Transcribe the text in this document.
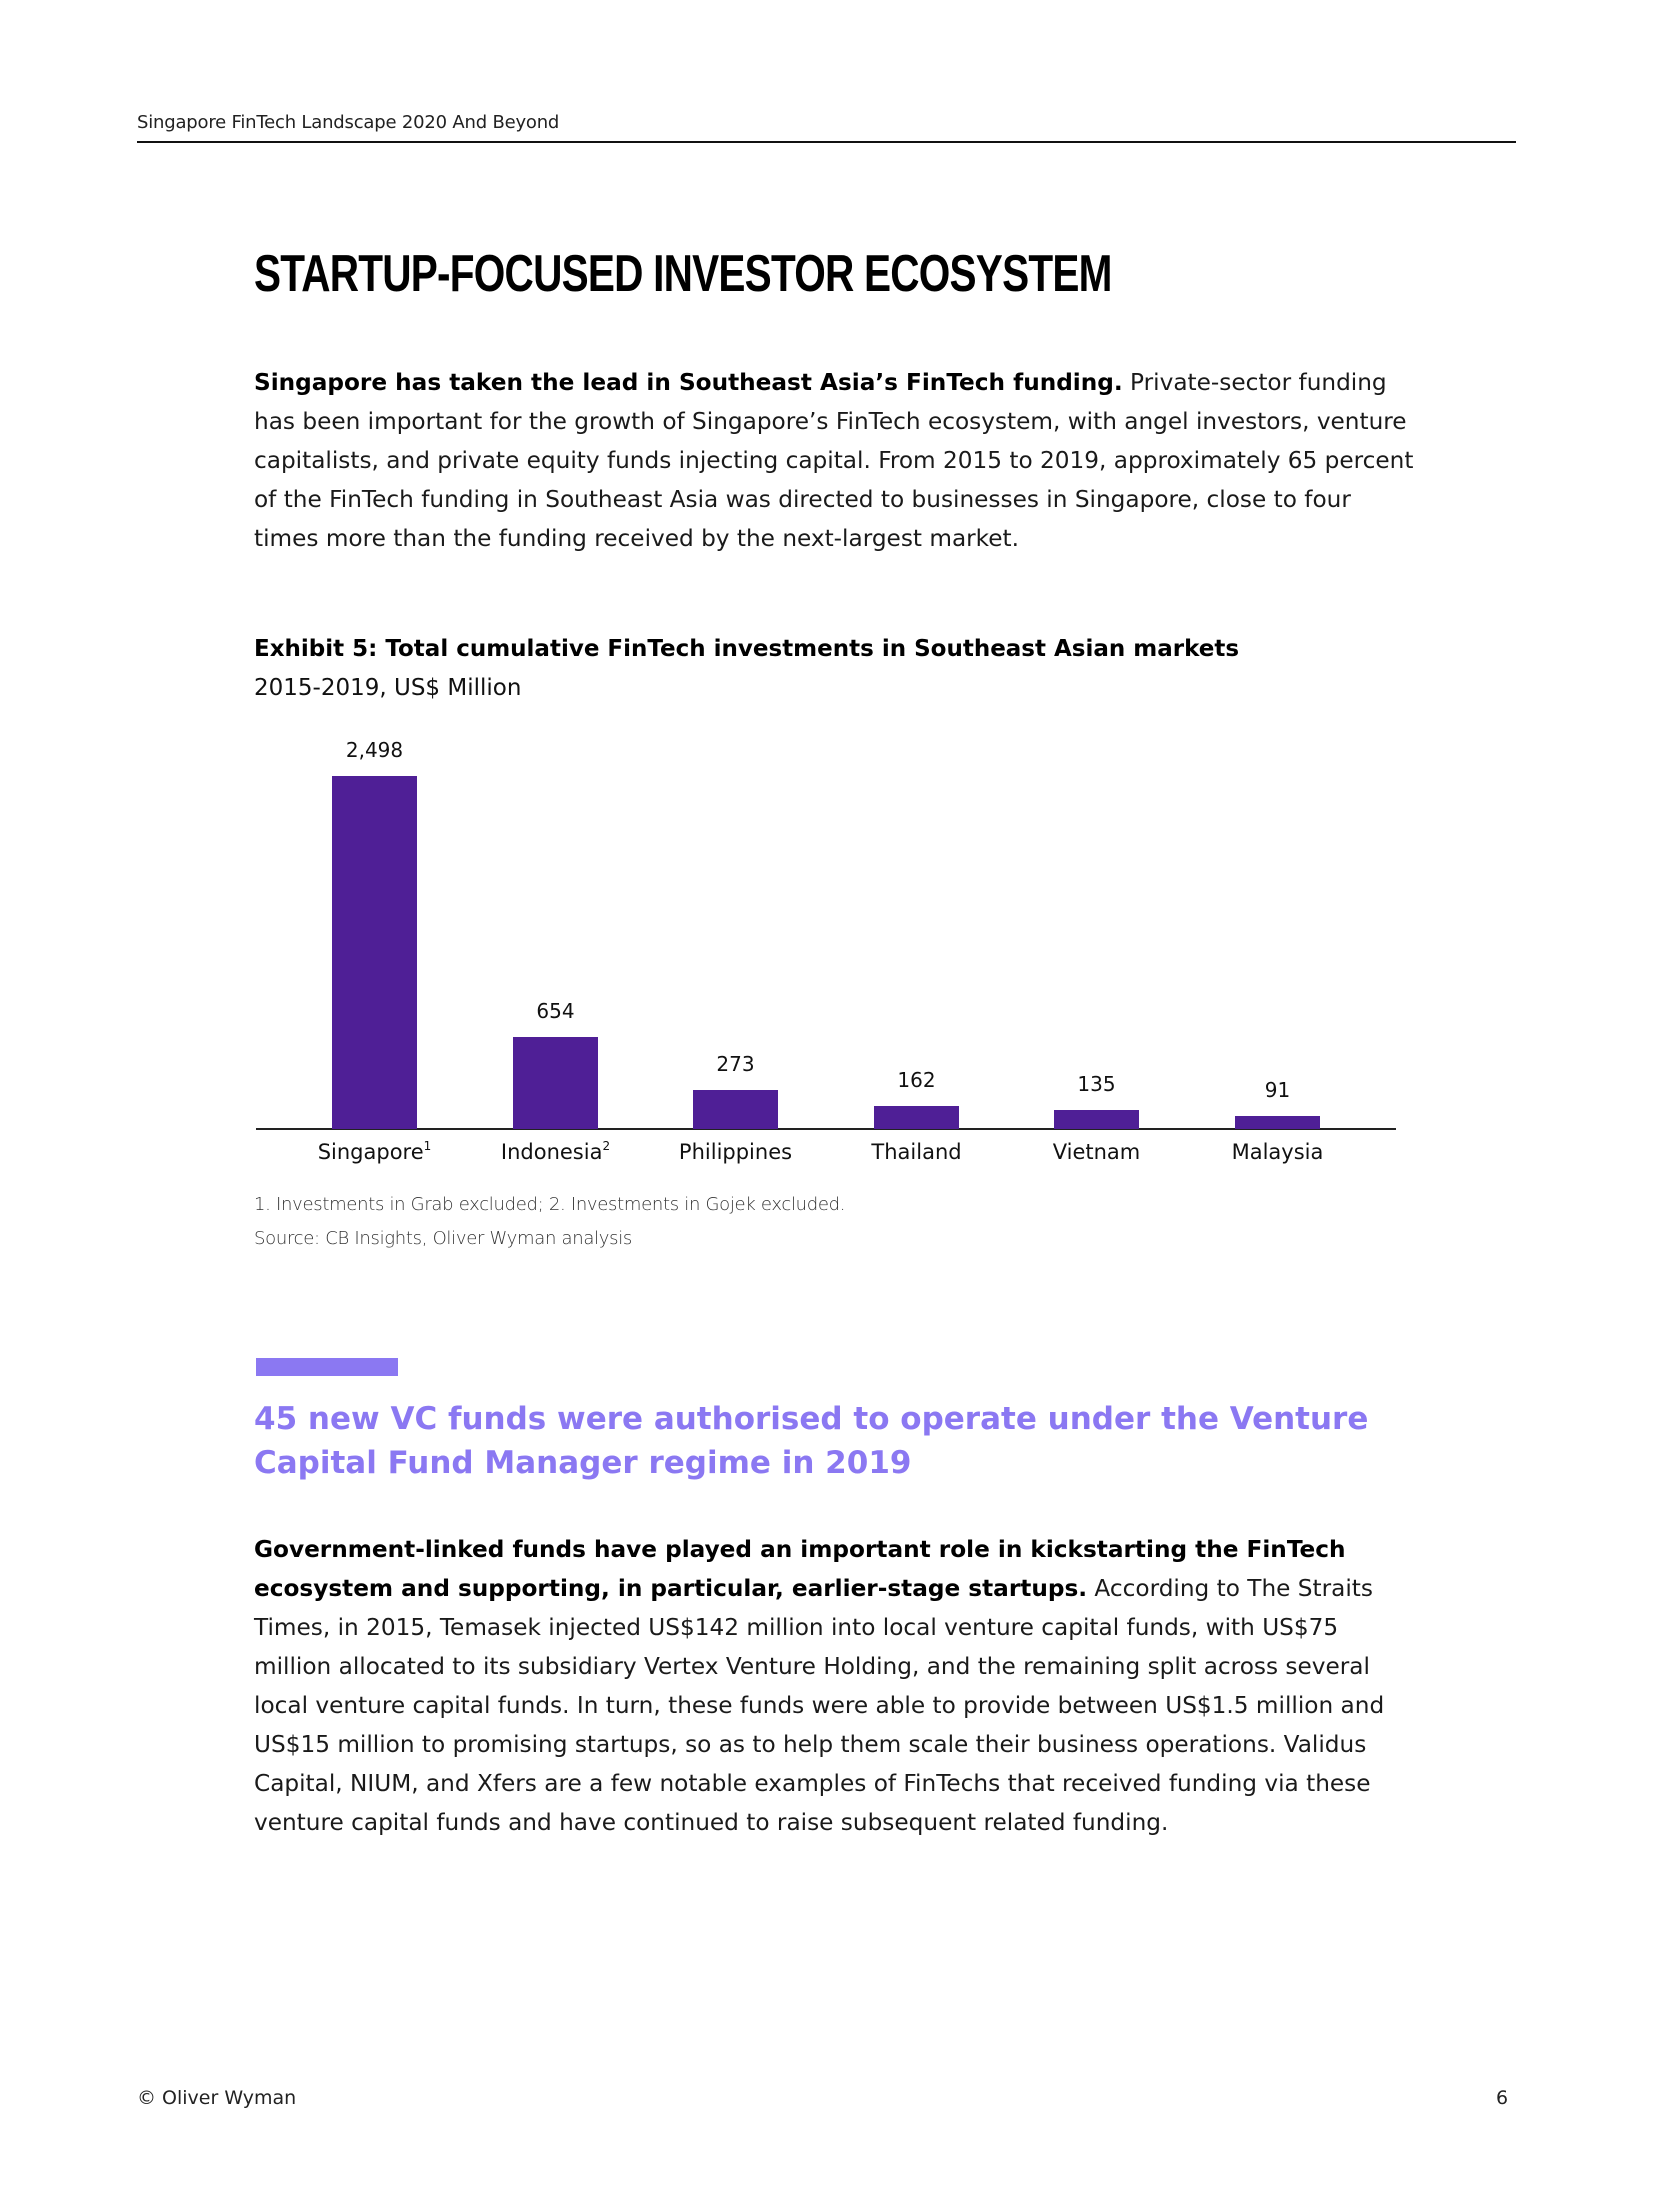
Singapore FinTech Landscape 2020 And Beyond
STARTUP-FOCUSED INVESTOR ECOSYSTEM

Singapore has taken the lead in Southeast Asia’s FinTech funding. Private-sector funding has been important for the growth of Singapore’s FinTech ecosystem, with angel investors, venture capitalists, and private equity funds injecting capital. From 2015 to 2019, approximately 65 percent of the FinTech funding in Southeast Asia was directed to businesses in Singapore, close to four times more than the funding received by the next-largest market.

Exhibit 5: Total cumulative FinTech investments in Southeast Asian markets
2015-2019, US$ Million
2,498
Singapore$^1$
654
Indonesia$^2$
273
Philippines
162
Thailand
135
Vietnam
91
Malaysia
1. Investments in Grab excluded; 2. Investments in Gojek excluded.
Source: CB Insights, Oliver Wyman analysis
45 new VC funds were authorised to operate under the Venture Capital Fund Manager regime in 2019

Government-linked funds have played an important role in kickstarting the FinTech ecosystem and supporting, in particular, earlier-stage startups. According to The Straits Times, in 2015, Temasek injected US$142 million into local venture capital funds, with US$75 million allocated to its subsidiary Vertex Venture Holding, and the remaining split across several local venture capital funds. In turn, these funds were able to provide between US$1.5 million and US$15 million to promising startups, so as to help them scale their business operations. Validus Capital, NIUM, and Xfers are a few notable examples of FinTechs that received funding via these venture capital funds and have continued to raise subsequent related funding.

© Oliver Wyman	6
